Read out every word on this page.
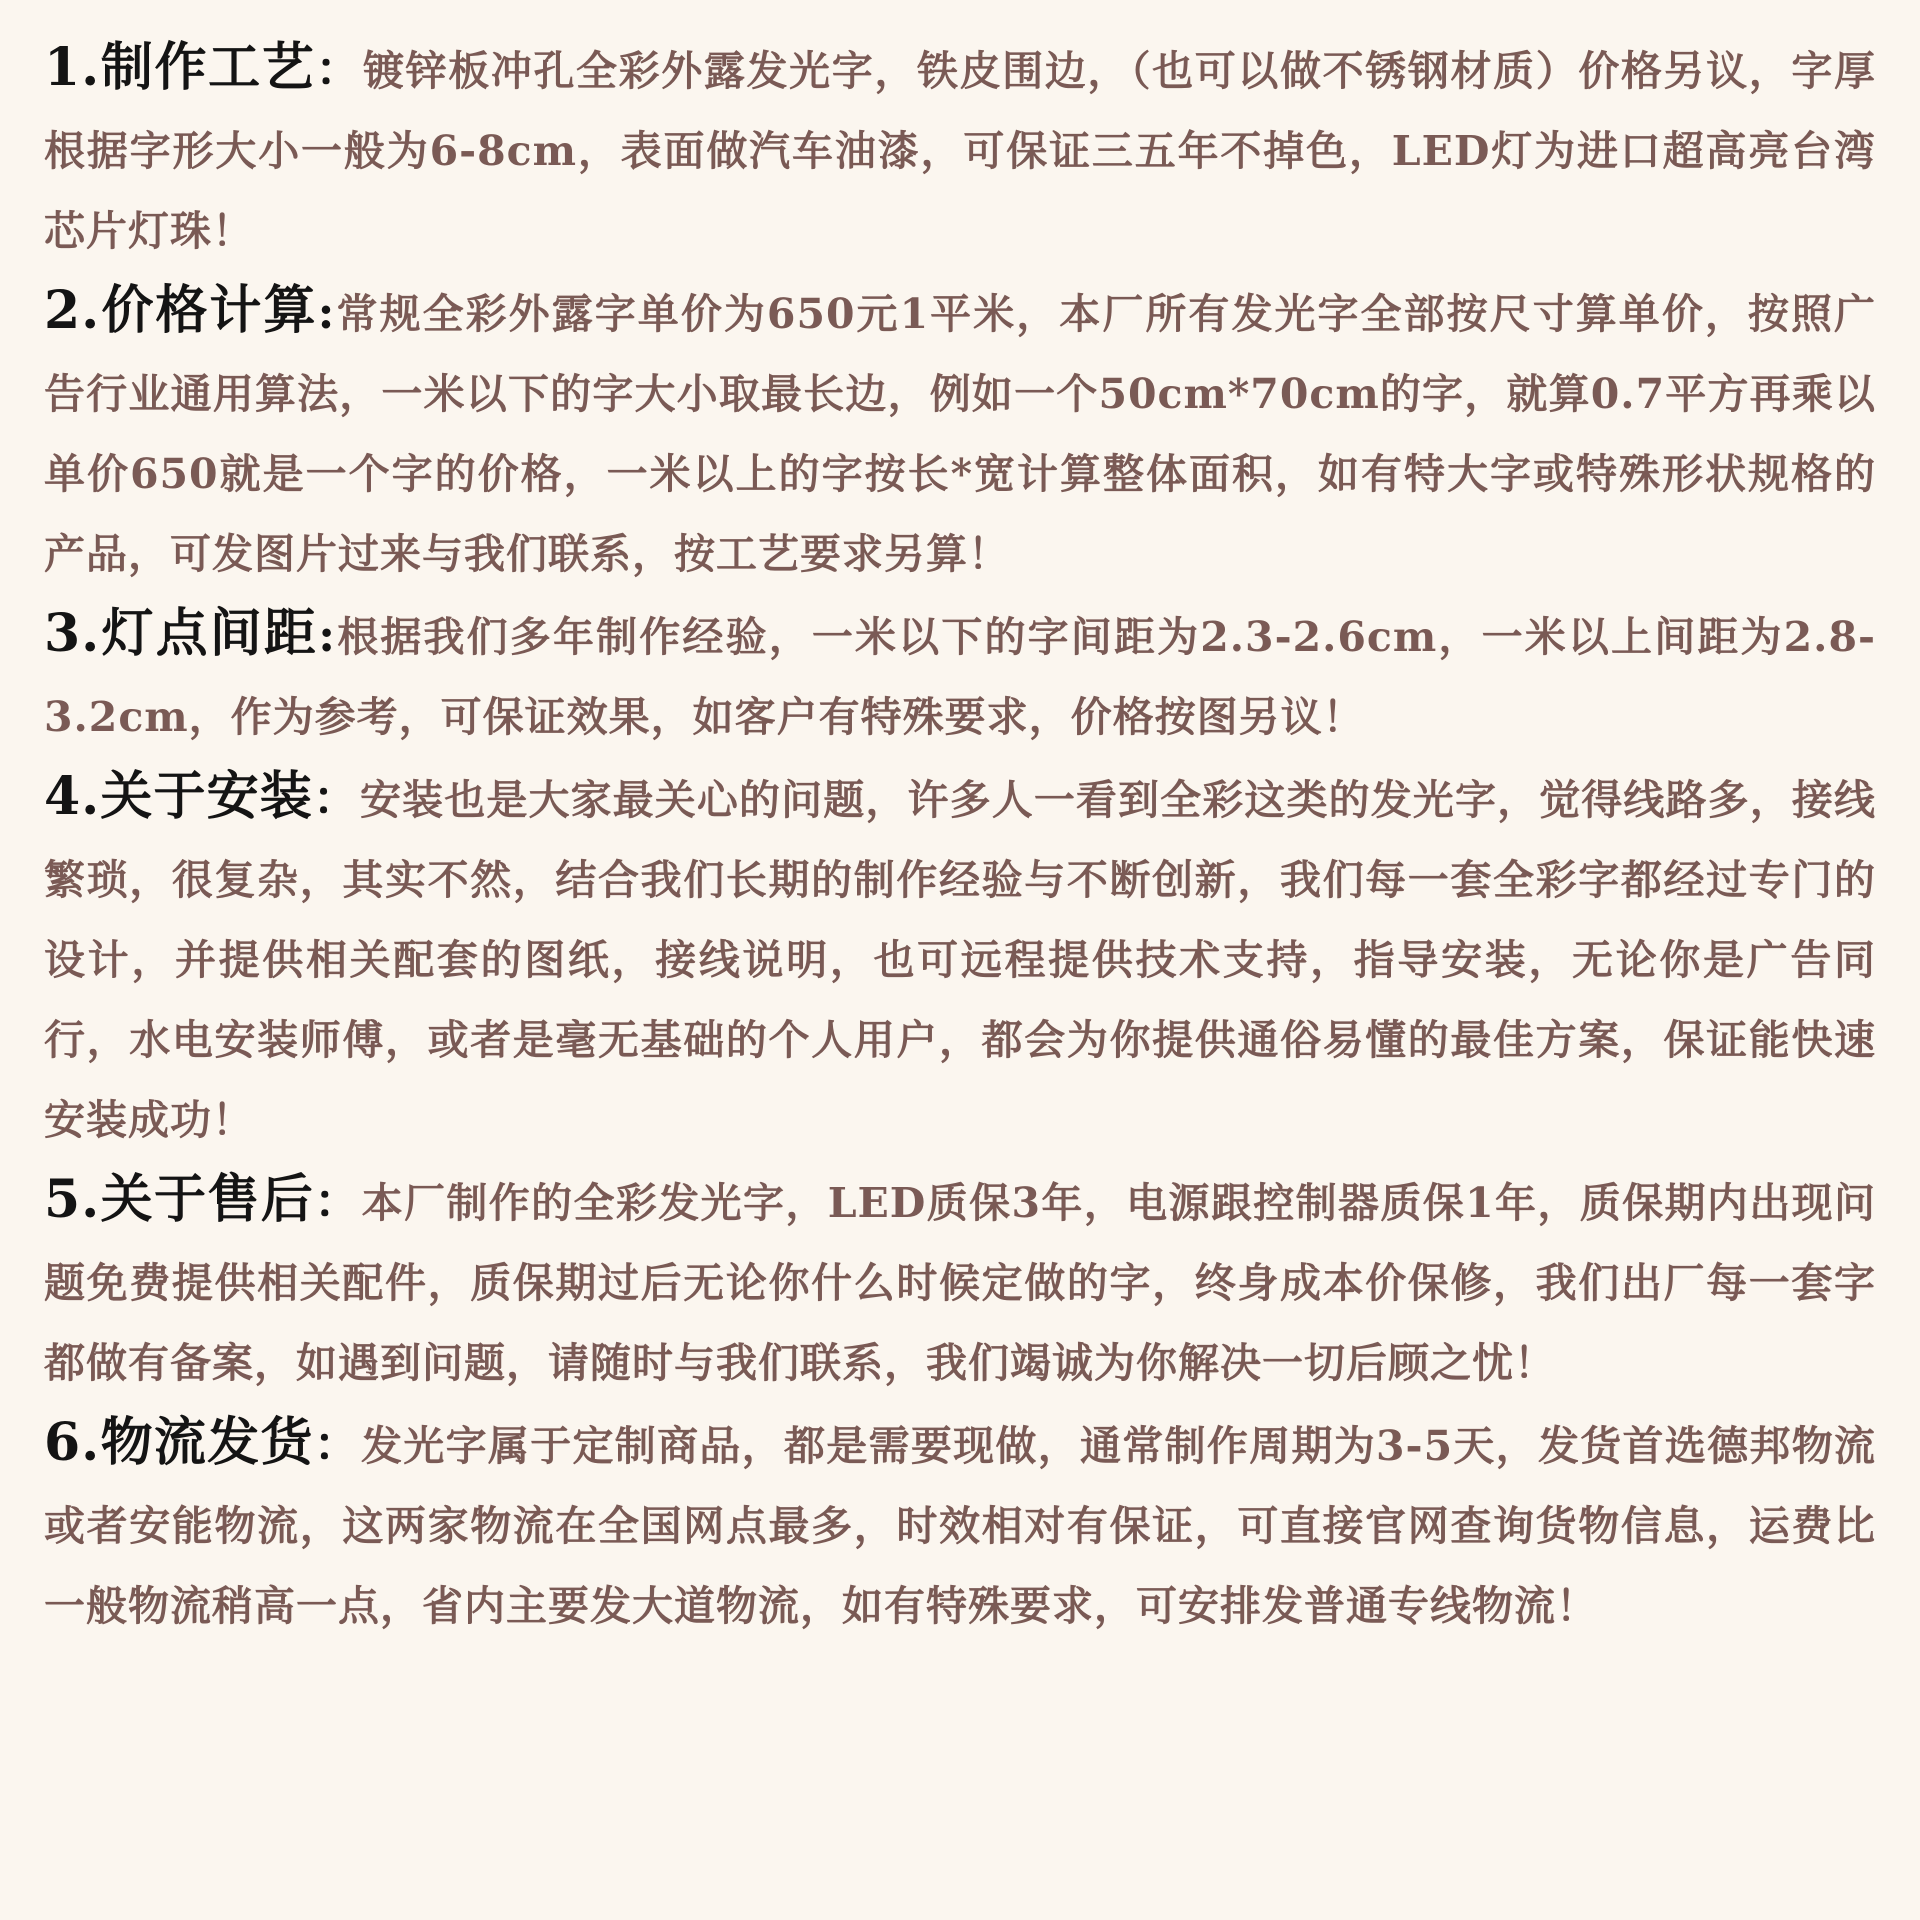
1.制作工艺：镀锌板冲孔全彩外露发光字，铁皮围边，（也可以做不锈钢材质）价格另议，字厚根据字形大小一般为6-8cm，表面做汽车油漆，可保证三五年不掉色，LED灯为进口超高亮台湾芯片灯珠！

2.价格计算:常规全彩外露字单价为650元1平米，本厂所有发光字全部按尺寸算单价，按照广告行业通用算法，一米以下的字大小取最长边，例如一个50cm*70cm的字，就算0.7平方再乘以单价650就是一个字的价格，一米以上的字按长*宽计算整体面积，如有特大字或特殊形状规格的产品，可发图片过来与我们联系，按工艺要求另算！

3.灯点间距:根据我们多年制作经验，一米以下的字间距为2.3-2.6cm，一米以上间距为2.8-3.2cm，作为参考，可保证效果，如客户有特殊要求，价格按图另议！

4.关于安装：安装也是大家最关心的问题，许多人一看到全彩这类的发光字，觉得线路多，接线繁琐，很复杂，其实不然，结合我们长期的制作经验与不断创新，我们每一套全彩字都经过专门的设计，并提供相关配套的图纸，接线说明，也可远程提供技术支持，指导安装，无论你是广告同行，水电安装师傅，或者是毫无基础的个人用户，都会为你提供通俗易懂的最佳方案，保证能快速安装成功！

5.关于售后：本厂制作的全彩发光字，LED质保3年，电源跟控制器质保1年，质保期内出现问题免费提供相关配件，质保期过后无论你什么时候定做的字，终身成本价保修，我们出厂每一套字都做有备案，如遇到问题，请随时与我们联系，我们竭诚为你解决一切后顾之忧！

6.物流发货：发光字属于定制商品，都是需要现做，通常制作周期为3-5天，发货首选德邦物流或者安能物流，这两家物流在全国网点最多，时效相对有保证，可直接官网查询货物信息，运费比一般物流稍高一点，省内主要发大道物流，如有特殊要求，可安排发普通专线物流！
